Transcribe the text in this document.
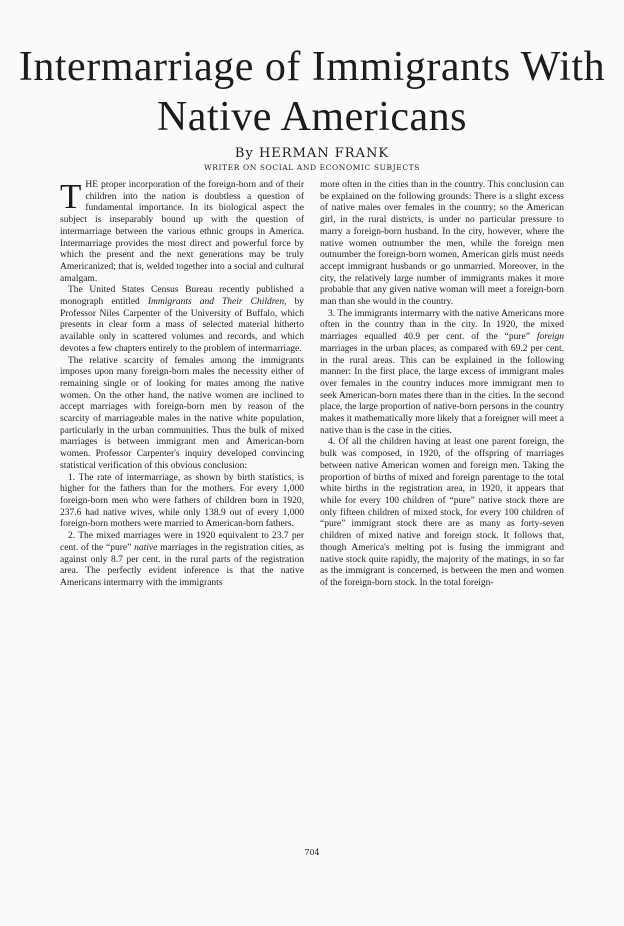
Intermarriage of Immigrants With
Native Americans
By HERMAN FRANK
WRITER ON SOCIAL AND ECONOMIC SUBJECTS

THE proper incorporation of the foreign-born and of their children into the nation is doubtless a question of fundamental importance. In its biological aspect the subject is inseparably bound up with the question of intermarriage between the various ethnic groups in America. Intermarriage provides the most direct and powerful force by which the present and the next generations may be truly Americanized; that is, welded together into a social and cultural amalgam.

The United States Census Bureau recently published a monograph entitled Immigrants and Their Children, by Professor Niles Carpenter of the University of Buffalo, which presents in clear form a mass of selected material hitherto available only in scattered volumes and records, and which devotes a few chapters entirely to the problem of intermarriage.

The relative scarcity of females among the immigrants imposes upon many foreign-born males the necessity either of remaining single or of looking for mates among the native women. On the other hand, the native women are inclined to accept marriages with foreign-born men by reason of the scarcity of marriageable males in the native white population, particularly in the urban communities. Thus the bulk of mixed marriages is between immigrant men and American-born women. Professor Carpenter's inquiry developed convincing statistical verification of this obvious conclusion:

1. The rate of intermarriage, as shown by birth statistics, is higher for the fathers than for the mothers. For every 1,000 foreign-born men who were fathers of children born in 1920, 237.6 had native wives, while only 138.9 out of every 1,000 foreign-born mothers were married to American-born fathers.

2. The mixed marriages were in 1920 equivalent to 23.7 per cent. of the “pure” native marriages in the registration cities, as against only 8.7 per cent. in the rural parts of the registration area. The perfectly evident inference is that the native Americans intermarry with the immigrants

more often in the cities than in the country. This conclusion can be explained on the following grounds: There is a slight excess of native males over females in the country; so the American girl, in the rural districts, is under no particular pressure to marry a foreign-born husband. In the city, however, where the native women outnumber the men, while the foreign men outnumber the foreign-born women, American girls must needs accept immigrant husbands or go unmarried. Moreover, in the city, the relatively large number of immigrants makes it more probable that any given native woman will meet a foreign-born man than she would in the country.

3. The immigrants intermarry with the native Americans more often in the country than in the city. In 1920, the mixed marriages equalled 40.9 per cent. of the “pure” foreign marriages in the urban places, as compared with 69.2 per cent. in the rural areas. This can be explained in the following manner: In the first place, the large excess of immigrant males over females in the country induces more immigrant men to seek American-born mates there than in the cities. In the second place, the large proportion of native-born persons in the country makes it mathematically more likely that a foreigner will meet a native than is the case in the cities.

4. Of all the children having at least one parent foreign, the bulk was composed, in 1920, of the offspring of marriages between native American women and foreign men. Taking the proportion of births of mixed and foreign parentage to the total white births in the registration area, in 1920, it appears that while for every 100 children of “pure” native stock there are only fifteen children of mixed stock, for every 100 children of “pure” immigrant stock there are as many as forty-seven children of mixed native and foreign stock. It follows that, though America's melting pot is fusing the immigrant and native stock quite rapidly, the majority of the matings, in so far as the immigrant is concerned, is between the men and women of the foreign-born stock. In the total foreign-

704
